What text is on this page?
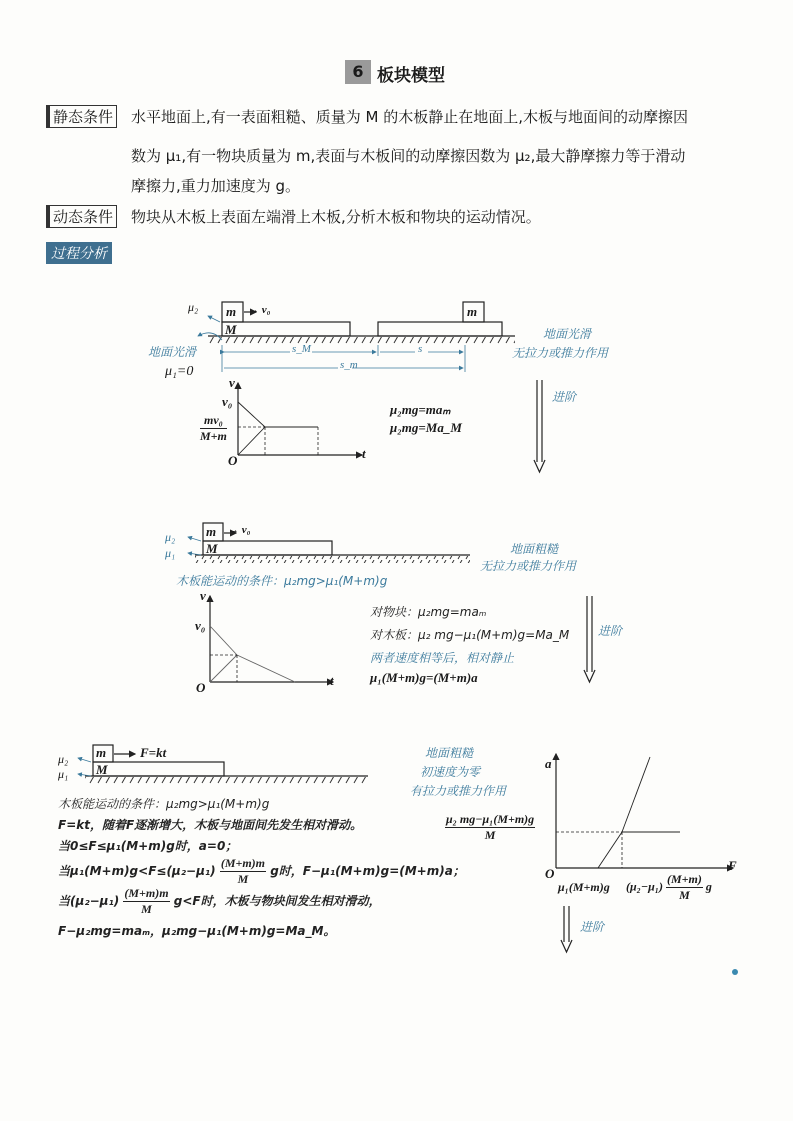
6 板块模型
静态条件 水平地面上,有一表面粗糙、质量为 M 的木板静止在地面上,木板与地面间的动摩擦因
数为 μ₁,有一物块质量为 m,表面与木板间的动摩擦因数为 μ₂,最大静摩擦力等于滑动
摩擦力,重力加速度为 g。
动态条件 物块从木板上表面左端滑上木板,分析木板和物块的运动情况。
过程分析
m
M
→ v₀	m
μ₂
地面光滑
μ₁=0
s_M	s
s_m
地面光滑
无拉力或推力作用
进阶
v
t
O
v₀
$\frac{\text{mv₀}}{M+m}$
μ₂mg=maₘ
μ₂mg=Ma_M
m
M
→ v₀
μ₂
μ₁
木板能运动的条件：μ₂mg>μ₁(M+m)g
地面粗糙
无拉力或推力作用
进阶
v
t
O
v₀
对物块：μ₂mg=maₘ
对木板：μ₂ mg−μ₁(M+m)g=Ma_M
两者速度相等后，相对静止
μ₁(M+m)g=(M+m)a
m
M
F=kt
μ₂
μ₁
地面粗糙
初速度为零
有拉力或推力作用
木板能运动的条件：μ₂mg>μ₁(M+m)g
F=kt，随着F逐渐增大，木板与地面间先发生相对滑动。	$\frac{\text{μ₂ mg−μ₁(M+m)g}}{M}$
当0≤F≤μ₁(M+m)g时，a=0；
当$\mu_1(M+m)g<F\le(\mu_2-\mu_1) \frac{(M+m)m}{M}$ g时，F−μ₁(M+m)g=(M+m)a；
当$(\mu_2-\mu_1) \frac{(M+m)m}{M} g<F$时，木板与物块间发生相对滑动，
F−μ₂mg=maₘ，μ₂mg−μ₁(M+m)g=Ma_M。
a
F
O
μ₁(M+m)g $(\mu_2-\mu_1) \frac{(M+m)}{M}$ g
进阶
